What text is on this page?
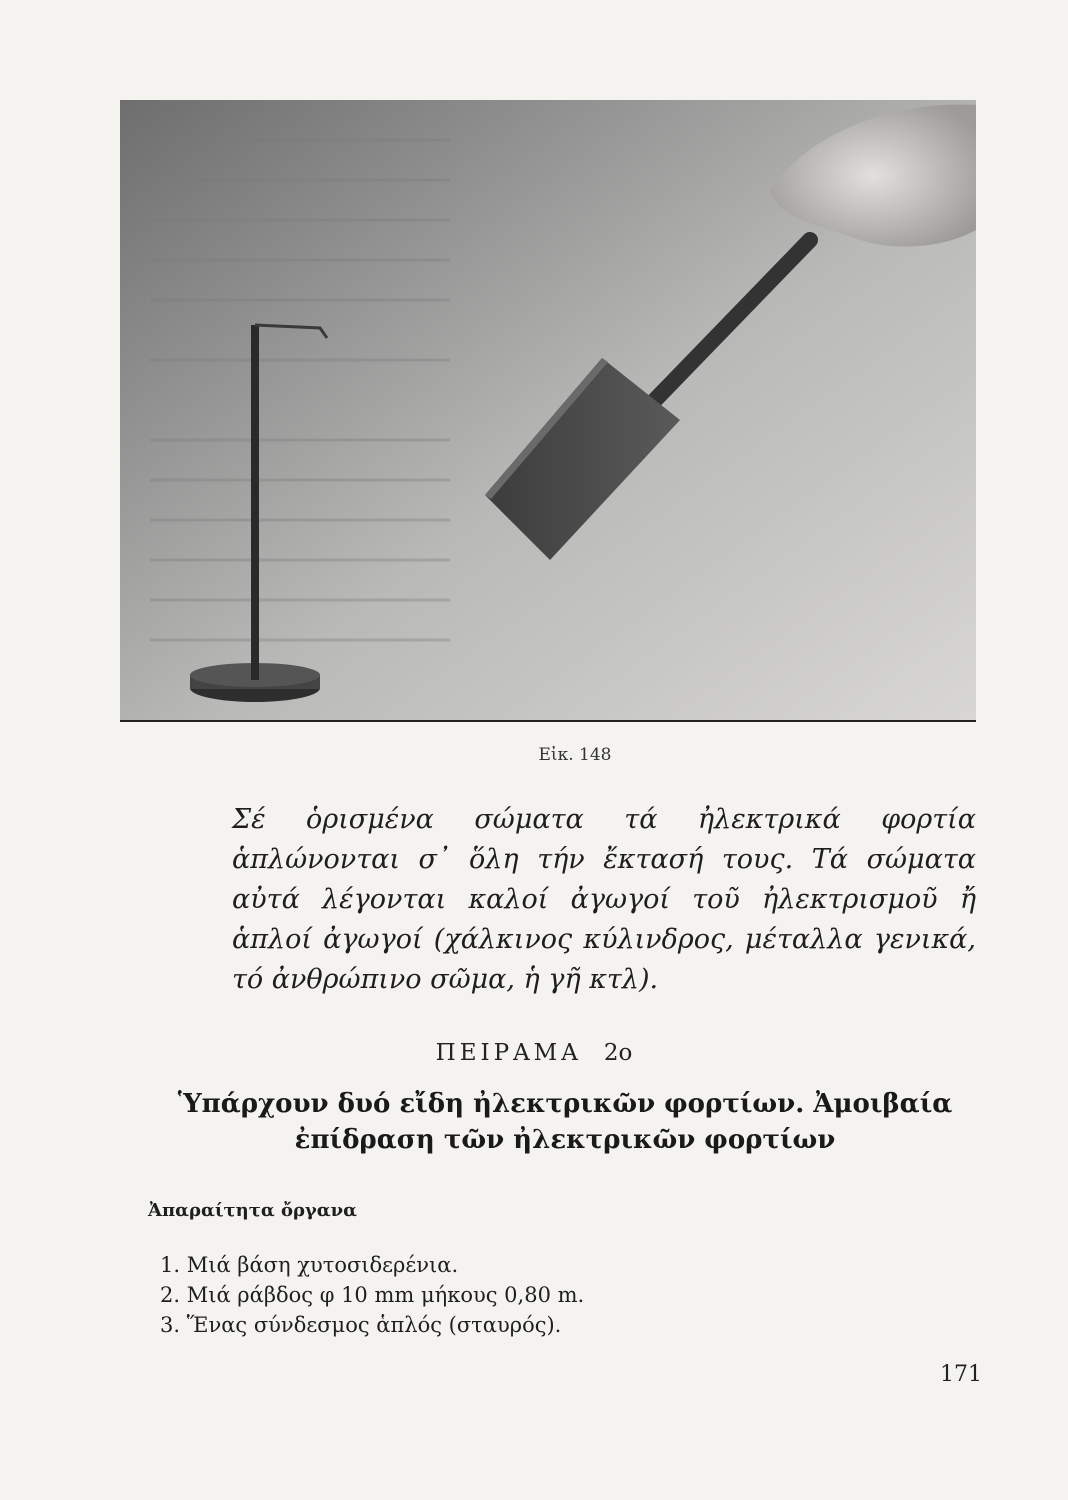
Εἰκ. 148
Σέ ὁρισμένα σώματα τά ἠλεκτρικά φορτία ἁπλώνονται σ᾿ ὅλη τήν ἔκτασή τους. Τά σώματα αὐτά λέγονται καλοί ἀγωγοί τοῦ ἠλεκτρισμοῦ ἤ ἁπλοί ἀγωγοί (χάλκινος κύλινδρος, μέταλλα γενικά, τό ἀνθρώπινο σῶμα, ἡ γῆ κτλ).
ΠΕΙΡΑΜΑ 2ο
Ὑπάρχουν δυό εἴδη ἠλεκτρικῶν φορτίων. Ἀμοιβαία ἐπίδραση τῶν ἠλεκτρικῶν φορτίων
Ἀπαραίτητα ὄργανα
1. Μιά βάση χυτοσιδερένια.
2. Μιά ράβδος φ 10 mm μήκους 0,80 m.
3. Ἕνας σύνδεσμος ἁπλός (σταυρός).
171
